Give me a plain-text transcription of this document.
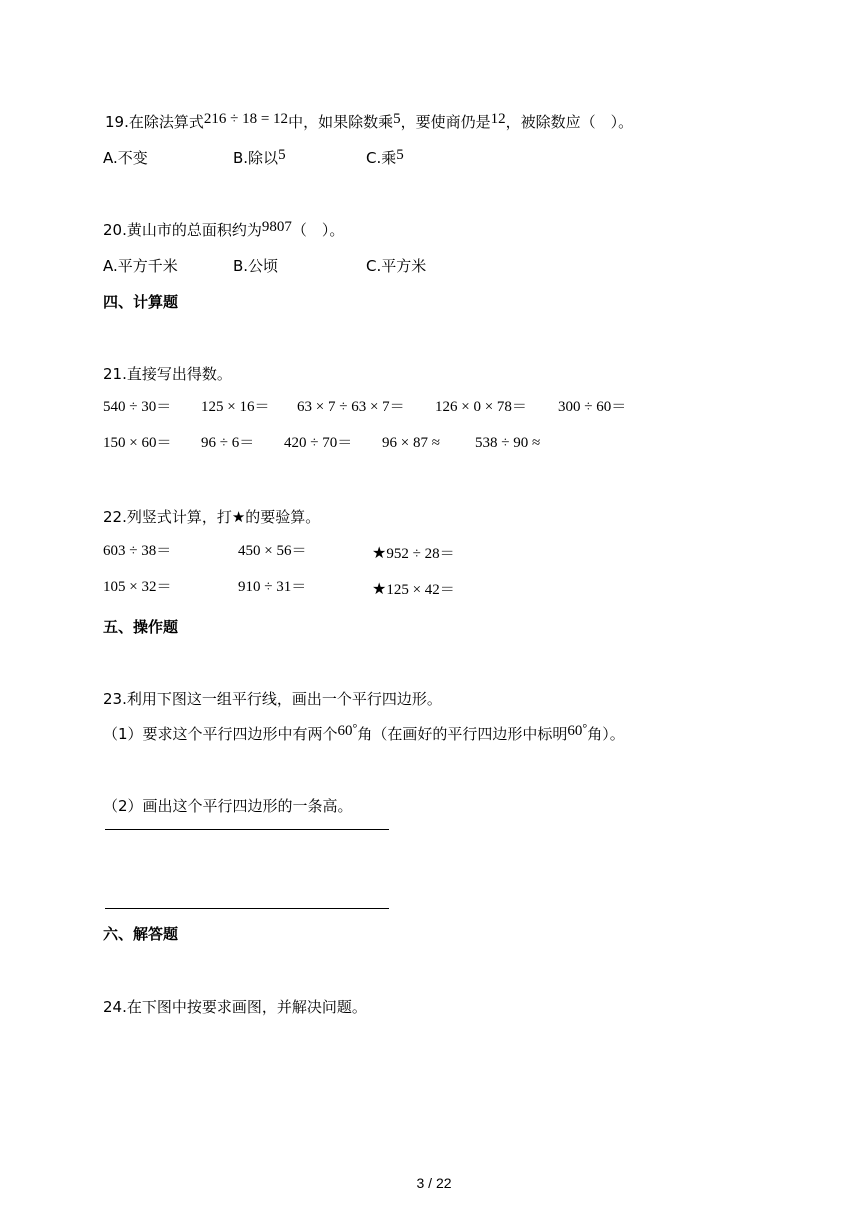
19.在除法算式216 ÷ 18 = 12中，如果除数乘5，要使商仍是12，被除数应（　）。
A.不变	B.除以5	C.乘5
20.黄山市的总面积约为9807（　）。
A.平方千米	B.公顷	C.平方米
四、计算题
21.直接写出得数。
540 ÷ 30＝ 125 × 16＝ 63 × 7 ÷ 63 × 7＝ 126 × 0 × 78＝ 300 ÷ 60＝
150 × 60＝ 96 ÷ 6＝ 420 ÷ 70＝ 96 × 87 ≈ 538 ÷ 90 ≈
22.列竖式计算，打★的要验算。
603 ÷ 38＝	450 × 56＝	★952 ÷ 28＝
105 × 32＝	910 ÷ 31＝	★125 × 42＝
五、操作题
23.利用下图这一组平行线，画出一个平行四边形。
（1）要求这个平行四边形中有两个60°角（在画好的平行四边形中标明60°角）。
（2）画出这个平行四边形的一条高。
六、解答题
24.在下图中按要求画图，并解决问题。
3 / 22
